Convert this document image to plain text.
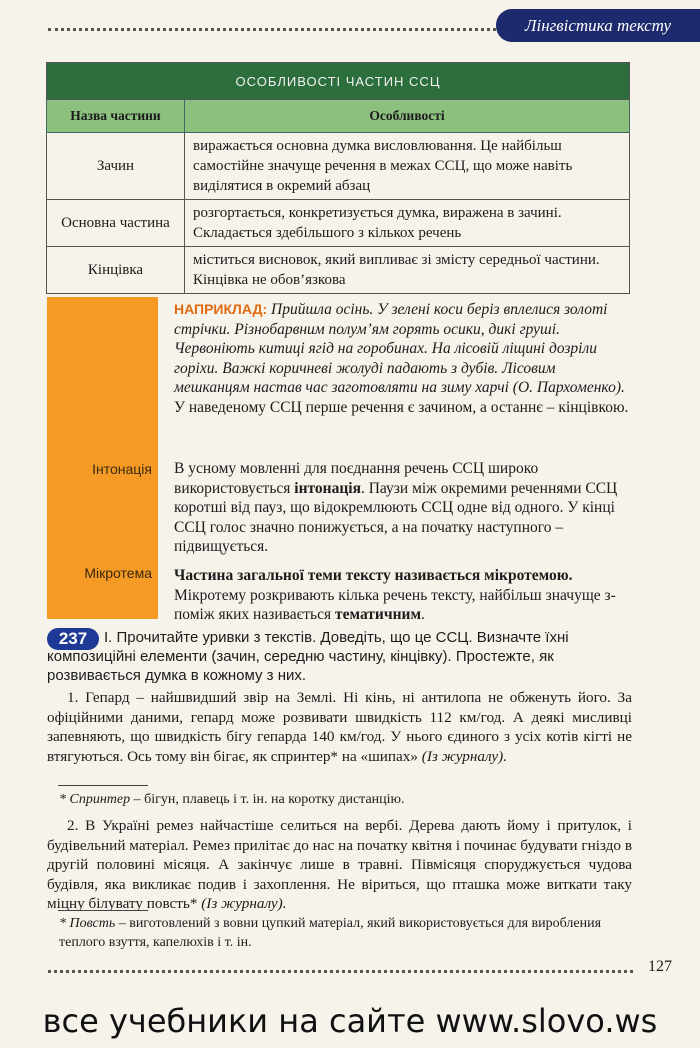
Лінгвістика тексту
ОСОБЛИВОСТІ ЧАСТИН ССЦ	
Назва частини	Особливості
Зачин	виражається основна думка висловлювання. Це найбільш самостійне значуще речення в межах ССЦ, що може навіть виділятися в окремий абзац
Основна частина	розгортається, конкретизується думка, виражена в зачині. Складається здебільшого з кількох речень
Кінцівка	міститься висновок, який випливає зі змісту середньої частини. Кінцівка не обов’язкова
Інтонація
Мікротема
НАПРИКЛАД: Прийшла осінь. У зелені коси беріз вплелися золоті стрічки. Різнобарвним полум’ям горять осики, дикі груші. Червоніють китиці ягід на горобинах. На лісовій лiщині дозріли горіхи. Важкі коричневі жолуді падають з дубів. Лісовим мешканцям настав час заготовляти на зиму харчі (О. Пархоменко).
У наведеному ССЦ перше речення є зачином, а останнє – кінцівкою.
В усному мовленні для поєднання речень ССЦ широко використовується інтонація. Паузи між окремими реченнями ССЦ коротші від пауз, що відокремлюють ССЦ одне від одного. У кінці ССЦ голос значно понижується, а на початку наступного – підвищується.
Частина загальної теми тексту називається мікротемою. Мікротему розкривають кілька речень тексту, найбільш значуще з-поміж яких називається тематичним.
237	I. Прочитайте уривки з текстів. Доведіть, що це ССЦ. Визначте їхні композиційні елементи (зачин, середню частину, кінцівку). Простежте, як розвивається думка в кожному з них.
1. Гепард – найшвидший звір на Землі. Ні кінь, ні антилопа не обженуть його. За офіційними даними, гепард може розвивати швидкість 112 км/год. А деякі мисливці запевняють, що швидкість бігу гепарда 140 км/год. У нього єдиного з усіх котів кігті не втягуються. Ось тому він бігає, як спринтер* на «шипах» (Із журналу).
* Спринтер – бігун, плавець і т. ін. на коротку дистанцію.
2. В Україні ремез найчастіше селиться на вербі. Дерева дають йому і притулок, і будівельний матеріал. Ремез прилітає до нас на початку квітня і починає будувати гніздо в другій половині місяця. А закінчує лише в травні. Півмісяця споруджується чудова будівля, яка викликає подив і захоплення. Не віриться, що пташка може виткати таку міцну білувату повсть* (Із журналу).
* Повсть – виготовлений з вовни цупкий матеріал, який використовується для виробления теплого взуття, капелюхів і т. ін.
127
все учебники на сайте www.slovo.ws
